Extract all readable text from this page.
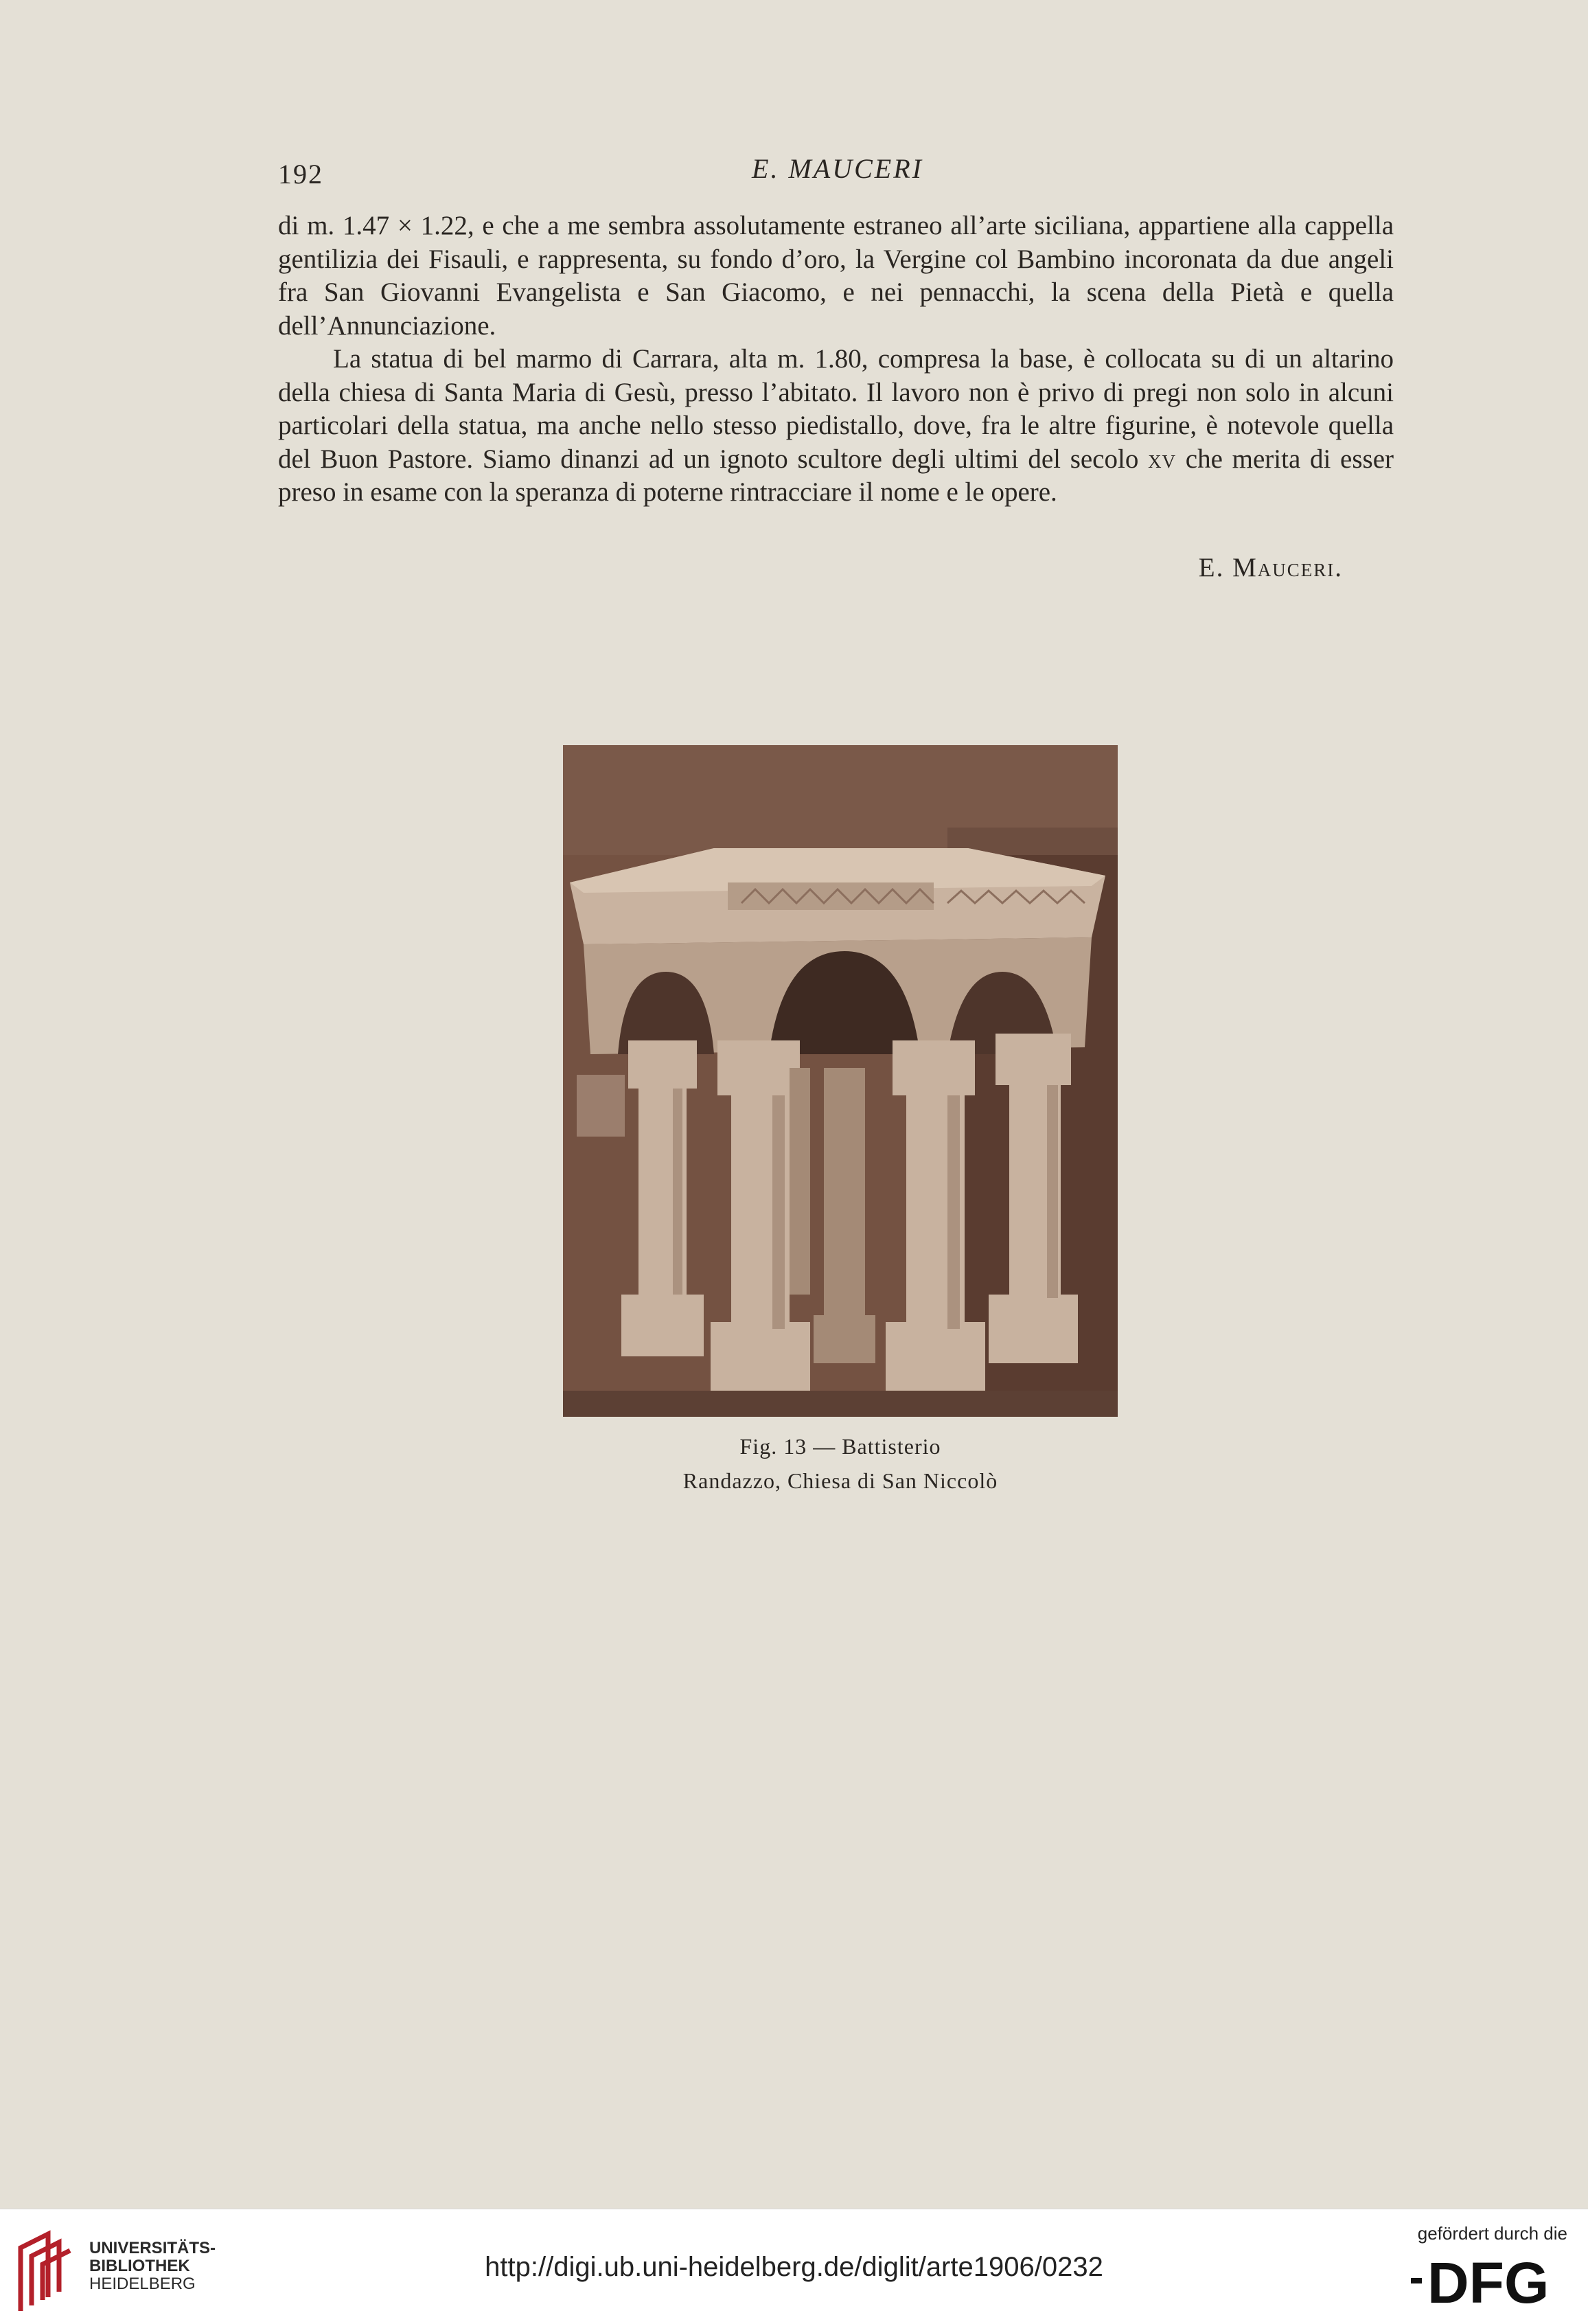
192	E. MAUCERI

di m. 1.47 × 1.22, e che a me sembra assolutamente estraneo all’arte siciliana, appartiene alla cappella gentilizia dei Fisauli, e rappresenta, su fondo d’oro, la Vergine col Bambino incoronata da due angeli fra San Giovanni Evangelista e San Giacomo, e nei pennacchi, la scena della Pietà e quella dell’Annunciazione.

La statua di bel marmo di Carrara, alta m. 1.80, compresa la base, è collocata su di un altarino della chiesa di Santa Maria di Gesù, presso l’abitato. Il lavoro non è privo di pregi non solo in alcuni particolari della statua, ma anche nello stesso piedistallo, dove, fra le altre figurine, è notevole quella del Buon Pastore. Siamo dinanzi ad un ignoto scultore degli ultimi del secolo xv che merita di esser preso in esame con la speranza di poterne rintracciare il nome e le opere.

E. Mauceri.
Fig. 13 — Battisterio
Randazzo, Chiesa di San Niccolò
UNIVERSITÄTS-
BIBLIOTHEK
HEIDELBERG
http://digi.ub.uni-heidelberg.de/diglit/arte1906/0232
gefördert durch die
DFG
